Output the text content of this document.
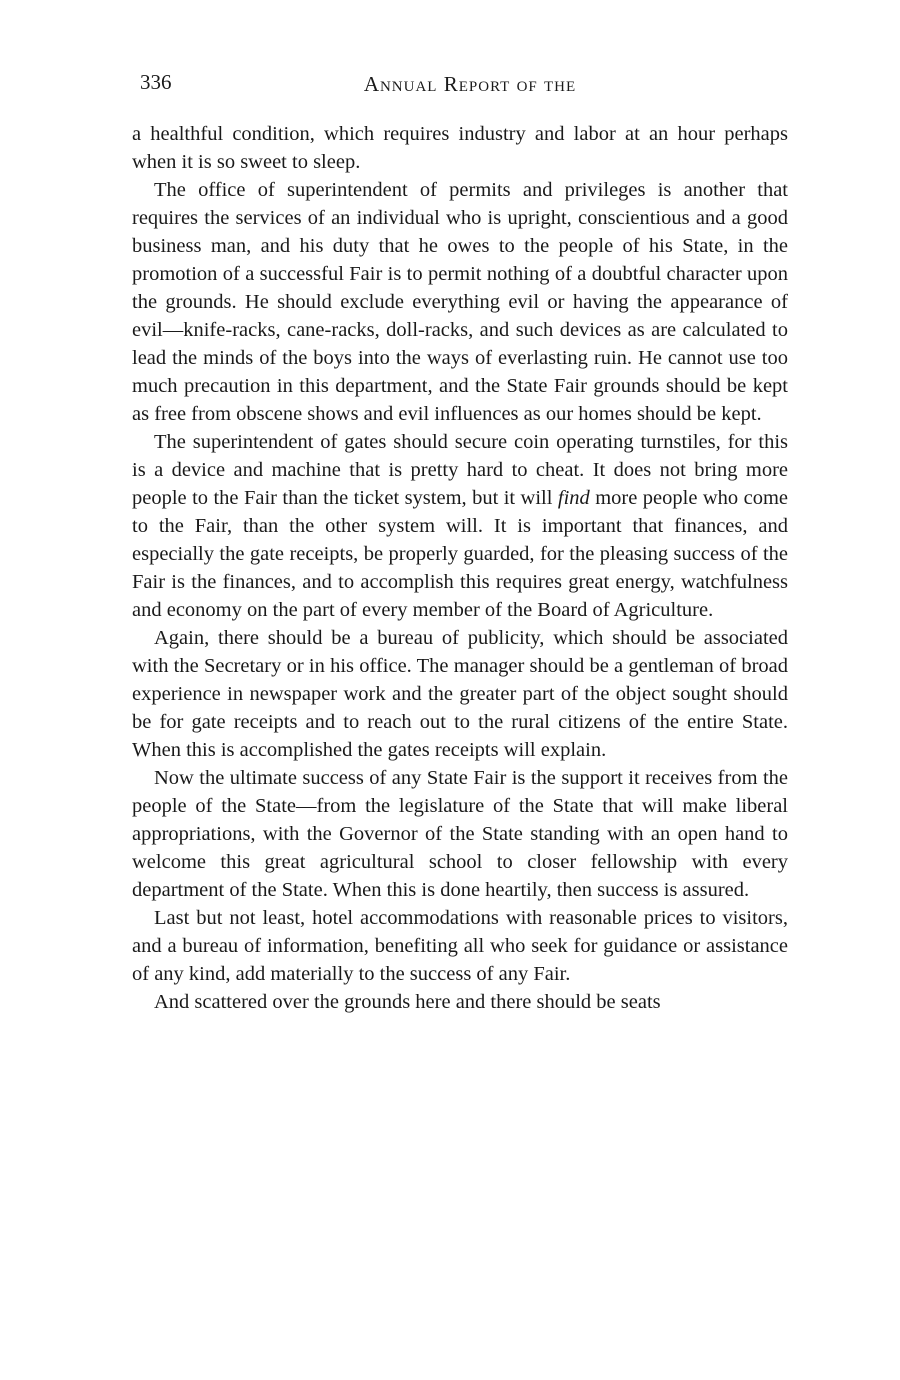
336	Annual Report of the

a healthful condition, which requires industry and labor at an hour perhaps when it is so sweet to sleep.

The office of superintendent of permits and privileges is another that requires the services of an individual who is upright, conscientious and a good business man, and his duty that he owes to the people of his State, in the promotion of a successful Fair is to permit nothing of a doubtful character upon the grounds. He should exclude everything evil or having the appearance of evil—knife-racks, cane-racks, doll-racks, and such devices as are calculated to lead the minds of the boys into the ways of everlasting ruin. He cannot use too much precaution in this department, and the State Fair grounds should be kept as free from obscene shows and evil influences as our homes should be kept.

The superintendent of gates should secure coin operating turnstiles, for this is a device and machine that is pretty hard to cheat. It does not bring more people to the Fair than the ticket system, but it will find more people who come to the Fair, than the other system will. It is important that finances, and especially the gate receipts, be properly guarded, for the pleasing success of the Fair is the finances, and to accomplish this requires great energy, watchfulness and economy on the part of every member of the Board of Agriculture.

Again, there should be a bureau of publicity, which should be associated with the Secretary or in his office. The manager should be a gentleman of broad experience in newspaper work and the greater part of the object sought should be for gate receipts and to reach out to the rural citizens of the entire State. When this is accomplished the gates receipts will explain.

Now the ultimate success of any State Fair is the support it receives from the people of the State—from the legislature of the State that will make liberal appropriations, with the Governor of the State standing with an open hand to welcome this great agricultural school to closer fellowship with every department of the State. When this is done heartily, then success is assured.

Last but not least, hotel accommodations with reasonable prices to visitors, and a bureau of information, benefiting all who seek for guidance or assistance of any kind, add materially to the success of any Fair.

And scattered over the grounds here and there should be seats
